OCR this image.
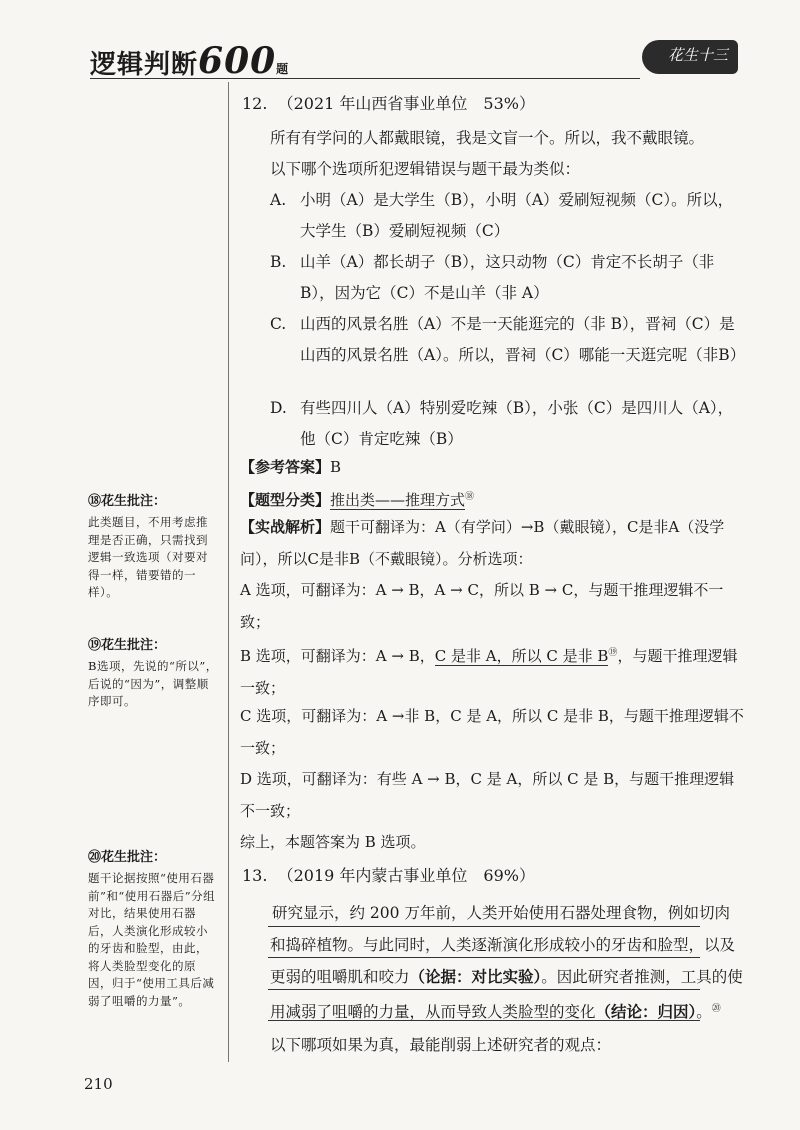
逻辑判断600题
花生十三
12. （2021 年山西省事业单位　53%）
所有有学问的人都戴眼镜，我是文盲一个。所以，我不戴眼镜。
以下哪个选项所犯逻辑错误与题干最为类似：
A. 小明（A）是大学生（B），小明（A）爱刷短视频（C）。所以，大学生（B）爱刷短视频（C）
B. 山羊（A）都长胡子（B），这只动物（C）肯定不长胡子（非B），因为它（C）不是山羊（非 A）
C. 山西的风景名胜（A）不是一天能逛完的（非 B），晋祠（C）是山西的风景名胜（A）。所以，晋祠（C）哪能一天逛完呢（非B）
D. 有些四川人（A）特别爱吃辣（B），小张（C）是四川人（A），他（C）肯定吃辣（B）
【参考答案】B
【题型分类】推出类——推理方式⑱
【实战解析】题干可翻译为：A（有学问）→B（戴眼镜），C是非A（没学问），所以C是非B（不戴眼镜）。分析选项：
A 选项，可翻译为：A → B，A → C，所以 B → C，与题干推理逻辑不一致；
B 选项，可翻译为：A → B，C 是非 A，所以 C 是非 B⑲，与题干推理逻辑一致；
C 选项，可翻译为：A →非 B，C 是 A，所以 C 是非 B，与题干推理逻辑不一致；
D 选项，可翻译为：有些 A → B，C 是 A，所以 C 是 B，与题干推理逻辑不一致；
综上，本题答案为 B 选项。
13. （2019 年内蒙古事业单位　69%）
研究显示，约 200 万年前，人类开始使用石器处理食物，例如切肉和捣碎植物。与此同时，人类逐渐演化形成较小的牙齿和脸型，以及更弱的咀嚼肌和咬力（论据：对比实验）。因此研究者推测，工具的使用减弱了咀嚼的力量，从而导致人类脸型的变化（结论：归因）。⑳
以下哪项如果为真，最能削弱上述研究者的观点：
⑱花生批注：
此类题目，不用考虑推理是否正确，只需找到逻辑一致选项（对要对得一样，错要错的一样）。
⑲花生批注：
B选项，先说的“所以”，后说的“因为”，调整顺序即可。
⑳花生批注：
题干论据按照“使用石器前”和“使用石器后”分组对比，结果使用石器后，人类演化形成较小的牙齿和脸型，由此，将人类脸型变化的原因，归于“使用工具后减弱了咀嚼的力量”。
210
